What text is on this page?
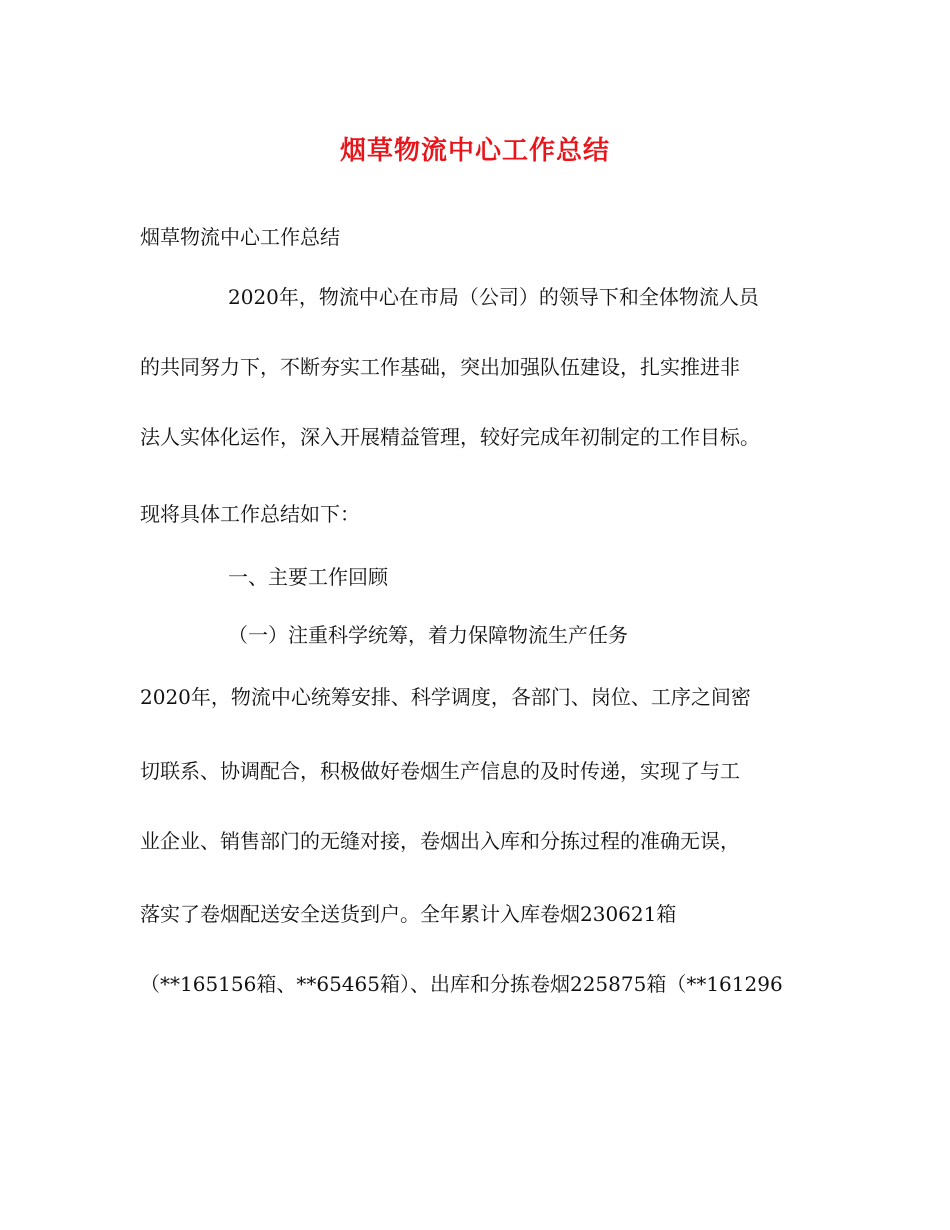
烟草物流中心工作总结
烟草物流中心工作总结
2020年，物流中心在市局（公司）的领导下和全体物流人员
的共同努力下，不断夯实工作基础，突出加强队伍建设，扎实推进非
法人实体化运作，深入开展精益管理，较好完成年初制定的工作目标。
现将具体工作总结如下：
一、主要工作回顾
（一）注重科学统筹，着力保障物流生产任务
2020年，物流中心统筹安排、科学调度，各部门、岗位、工序之间密
切联系、协调配合，积极做好卷烟生产信息的及时传递，实现了与工
业企业、销售部门的无缝对接，卷烟出入库和分拣过程的准确无误，
落实了卷烟配送安全送货到户。全年累计入库卷烟230621箱
（**165156箱、**65465箱）、出库和分拣卷烟225875箱（**161296
